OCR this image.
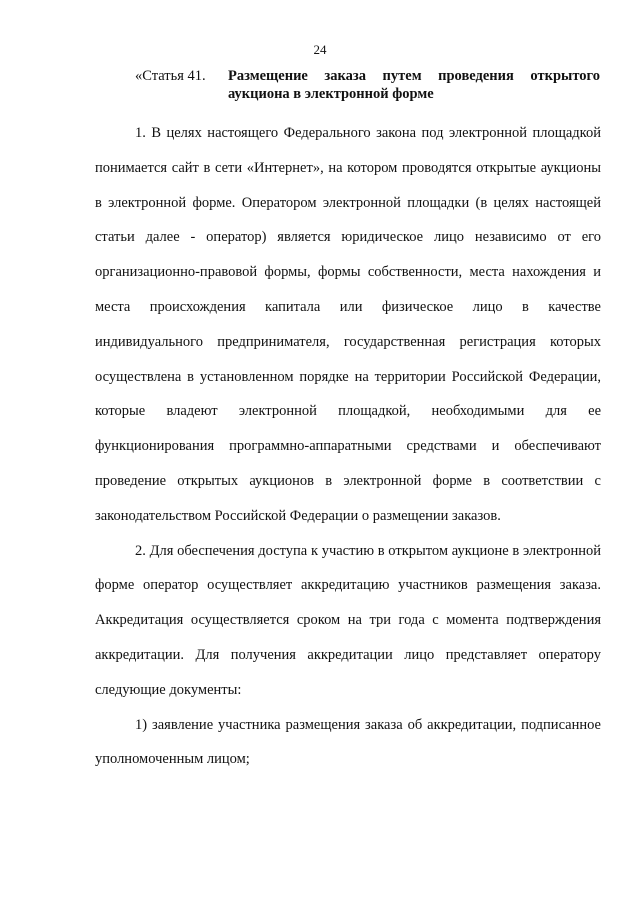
24
«Статья 41. Размещение заказа путем проведения открытого аукциона в электронной форме

1. В целях настоящего Федерального закона под электронной площадкой понимается сайт в сети «Интернет», на котором проводятся открытые аукционы в электронной форме. Оператором электронной площадки (в целях настоящей статьи далее - оператор) является юридическое лицо независимо от его организационно-правовой формы, формы собственности, места нахождения и места происхождения капитала или физическое лицо в качестве индивидуального предпринимателя, государственная регистрация которых осуществлена в установленном порядке на территории Российской Федерации, которые владеют электронной площадкой, необходимыми для ее функционирования программно-аппаратными средствами и обеспечивают проведение открытых аукционов в электронной форме в соответствии с законодательством Российской Федерации о размещении заказов.

2. Для обеспечения доступа к участию в открытом аукционе в электронной форме оператор осуществляет аккредитацию участников размещения заказа. Аккредитация осуществляется сроком на три года с момента подтверждения аккредитации. Для получения аккредитации лицо представляет оператору следующие документы:

1) заявление участника размещения заказа об аккредитации, подписанное уполномоченным лицом;
